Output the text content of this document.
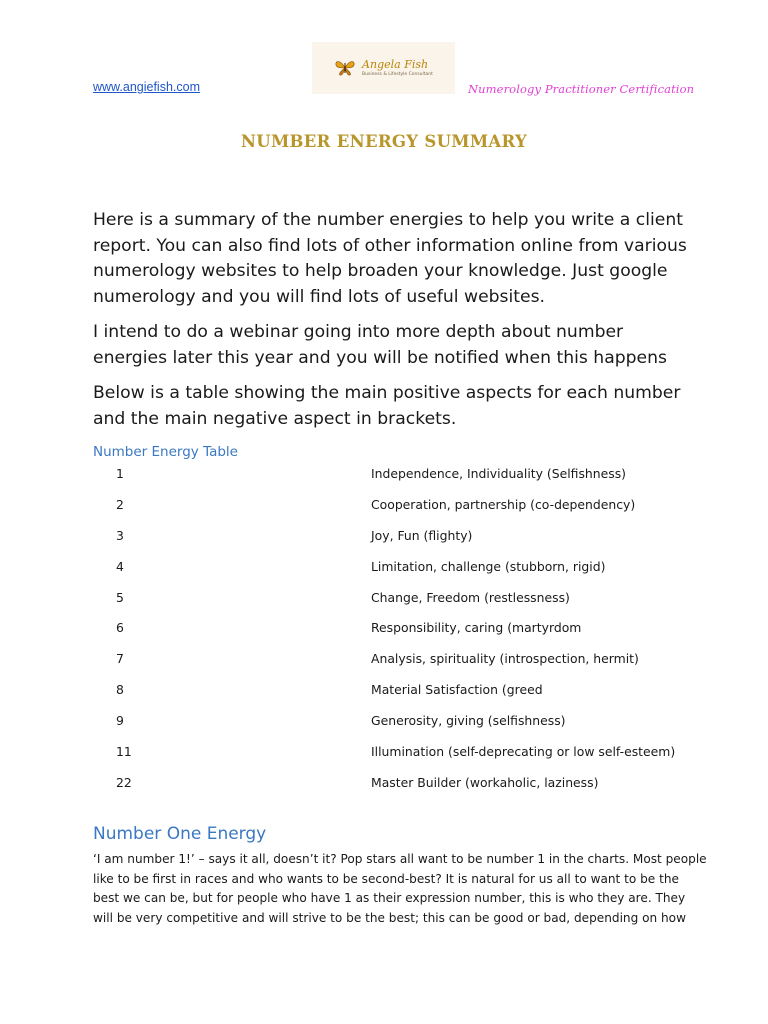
www.angiefish.com
Angela Fish
Business & Lifestyle Consultant
Numerology Practitioner Certification
NUMBER ENERGY SUMMARY

Here is a summary of the number energies to help you write a client report. You can also find lots of other information online from various numerology websites to help broaden your knowledge. Just google numerology and you will find lots of useful websites.

I intend to do a webinar going into more depth about number energies later this year and you will be notified when this happens

Below is a table showing the main positive aspects for each number and the main negative aspect in brackets.

Number Energy Table
1	Independence, Individuality (Selfishness)
2	Cooperation, partnership (co-dependency)
3	Joy, Fun (flighty)
4	Limitation, challenge (stubborn, rigid)
5	Change, Freedom (restlessness)
6	Responsibility, caring (martyrdom
7	Analysis, spirituality (introspection, hermit)
8	Material Satisfaction (greed
9	Generosity, giving (selfishness)
11	Illumination (self-deprecating or low self-esteem)
22	Master Builder (workaholic, laziness)
Number One Energy
‘I am number 1!’ – says it all, doesn’t it? Pop stars all want to be number 1 in the charts. Most people
like to be first in races and who wants to be second-best? It is natural for us all to want to be the
best we can be, but for people who have 1 as their expression number, this is who they are. They
will be very competitive and will strive to be the best; this can be good or bad, depending on how
